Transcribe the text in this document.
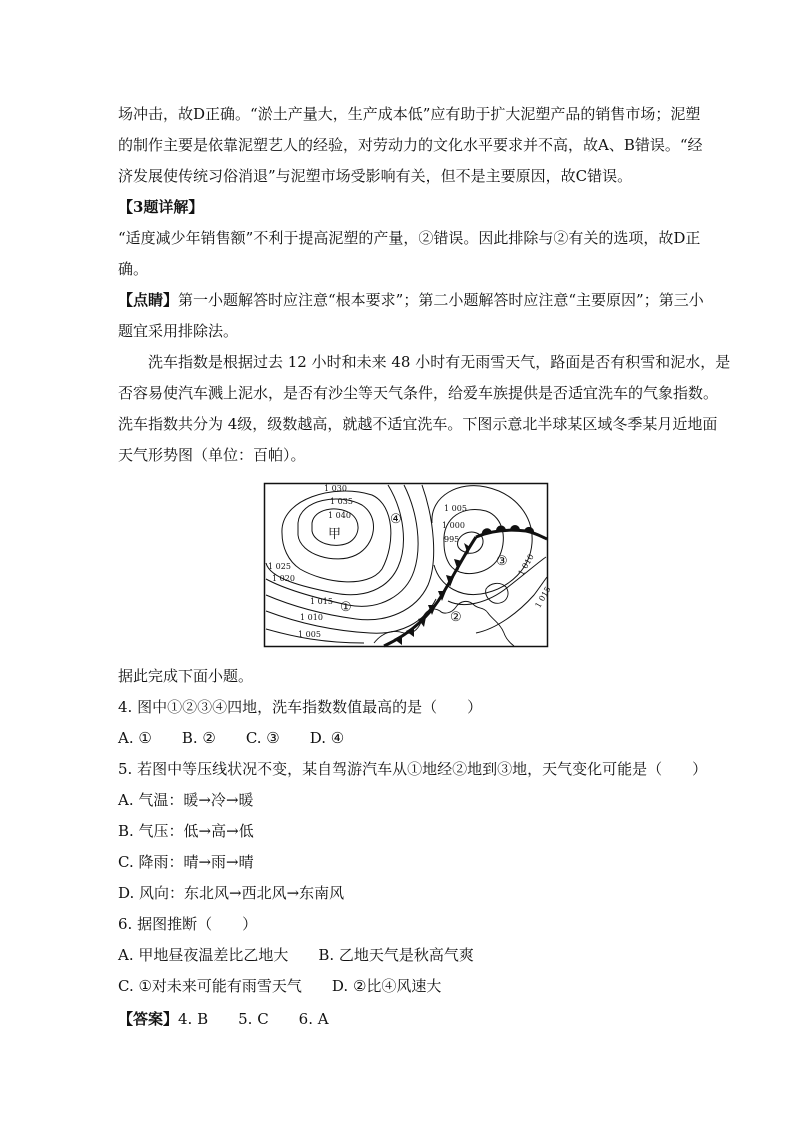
场冲击，故D正确。“淤土产量大，生产成本低”应有助于扩大泥塑产品的销售市场；泥塑
的制作主要是依靠泥塑艺人的经验，对劳动力的文化水平要求并不高，故A、B错误。“经
济发展使传统习俗消退”与泥塑市场受影响有关，但不是主要原因，故C错误。
【3题详解】
“适度减少年销售额”不利于提高泥塑的产量，②错误。因此排除与②有关的选项，故D正
确。
【点睛】第一小题解答时应注意“根本要求”；第二小题解答时应注意“主要原因”；第三小
题宜采用排除法。
洗车指数是根据过去 12 小时和未来 48 小时有无雨雪天气，路面是否有积雪和泥水，是
否容易使汽车溅上泥水，是否有沙尘等天气条件，给爱车族提供是否适宜洗车的气象指数。
洗车指数共分为 4级，级数越高，就越不适宜洗车。下图示意北半球某区域冬季某月近地面
天气形势图（单位：百帕）。
1 030
1 035
1 040
1 025
1 020
1 015
1 010
1 005
1 005
1 000
995
1 010
1 015
甲
①
②
③
④
据此完成下面小题。
4. 图中①②③④四地，洗车指数数值最高的是（　　）
A. ①　　B. ②　　C. ③　　D. ④
5. 若图中等压线状况不变，某自驾游汽车从①地经②地到③地，天气变化可能是（　　）
A. 气温：暖→冷→暖
B. 气压：低→高→低
C. 降雨：晴→雨→晴
D. 风向：东北风→西北风→东南风
6. 据图推断（　　）
A. 甲地昼夜温差比乙地大　　B. 乙地天气是秋高气爽
C. ①对未来可能有雨雪天气　　D. ②比④风速大
【答案】4. B　　5. C　　6. A
